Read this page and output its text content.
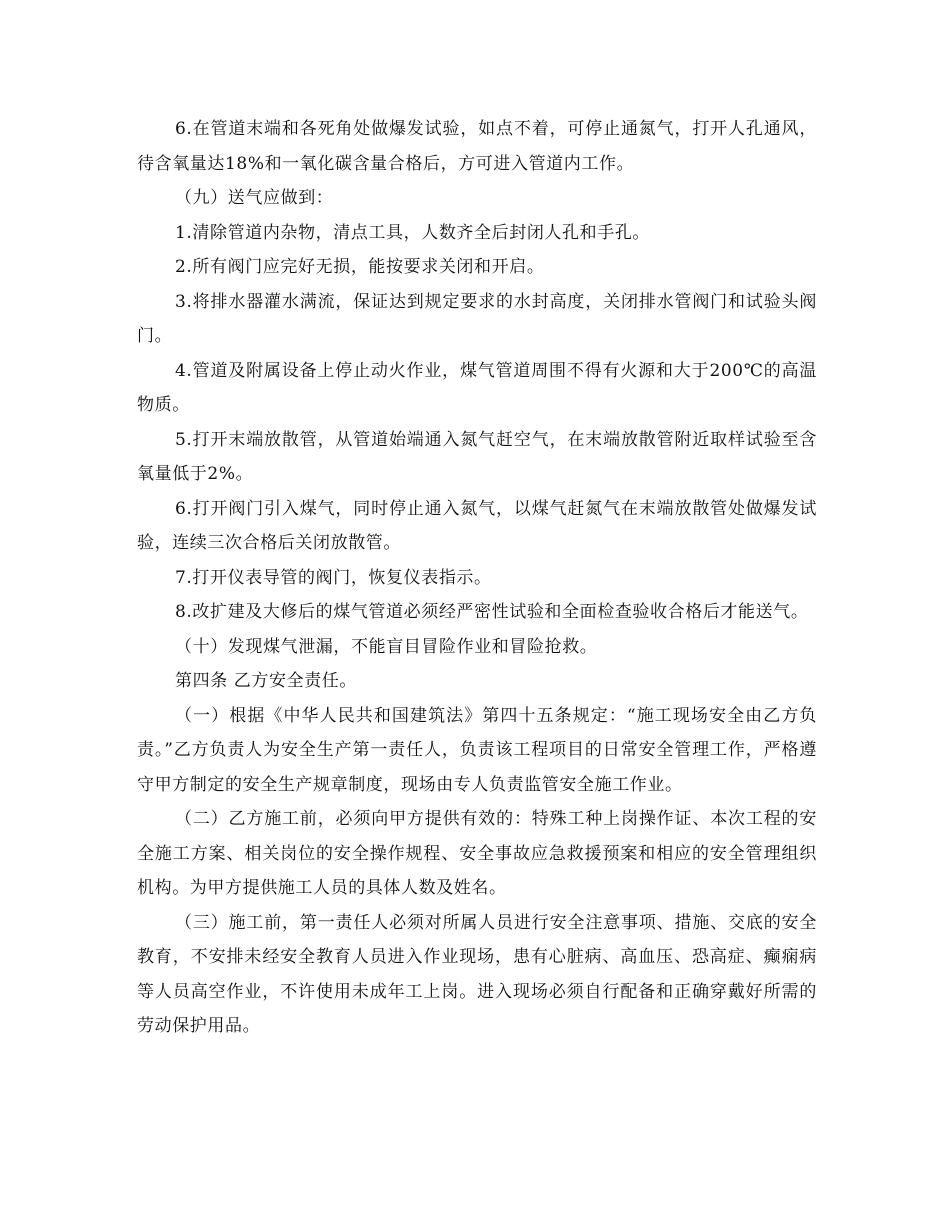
6.在管道末端和各死角处做爆发试验，如点不着，可停止通氮气，打开人孔通风，待含氧量达18%和一氧化碳含量合格后，方可进入管道内工作。

（九）送气应做到：

1.清除管道内杂物，清点工具，人数齐全后封闭人孔和手孔。

2.所有阀门应完好无损，能按要求关闭和开启。

3.将排水器灌水满流，保证达到规定要求的水封高度，关闭排水管阀门和试验头阀门。

4.管道及附属设备上停止动火作业，煤气管道周围不得有火源和大于200℃的高温物质。

5.打开末端放散管，从管道始端通入氮气赶空气，在末端放散管附近取样试验至含氧量低于2%。

6.打开阀门引入煤气，同时停止通入氮气，以煤气赶氮气在末端放散管处做爆发试验，连续三次合格后关闭放散管。

7.打开仪表导管的阀门，恢复仪表指示。

8.改扩建及大修后的煤气管道必须经严密性试验和全面检查验收合格后才能送气。

（十）发现煤气泄漏，不能盲目冒险作业和冒险抢救。

第四条 乙方安全责任。

（一）根据《中华人民共和国建筑法》第四十五条规定：“施工现场安全由乙方负责。”乙方负责人为安全生产第一责任人，负责该工程项目的日常安全管理工作，严格遵守甲方制定的安全生产规章制度，现场由专人负责监管安全施工作业。

（二）乙方施工前，必须向甲方提供有效的：特殊工种上岗操作证、本次工程的安全施工方案、相关岗位的安全操作规程、安全事故应急救援预案和相应的安全管理组织机构。为甲方提供施工人员的具体人数及姓名。

（三）施工前，第一责任人必须对所属人员进行安全注意事项、措施、交底的安全教育，不安排未经安全教育人员进入作业现场，患有心脏病、高血压、恐高症、癫痫病等人员高空作业，不许使用未成年工上岗。进入现场必须自行配备和正确穿戴好所需的劳动保护用品。
